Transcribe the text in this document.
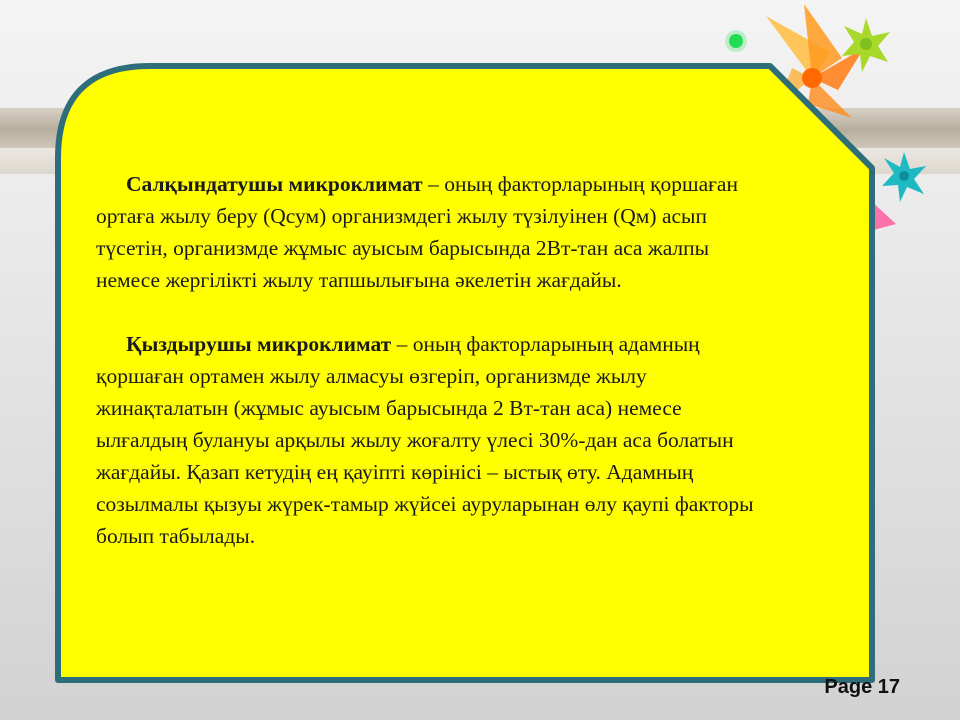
Салқындатушы микроклимат – оның факторларының қоршаған ортаға жылу беру (Qсум) организмдегі жылу түзілуінен (Qм) асып түсетін, организмде жұмыс ауысым барысында 2Вт-тан аса жалпы немесе жергілікті жылу тапшылығына әкелетін жағдайы.

Қыздырушы микроклимат – оның факторларының адамның қоршаған ортамен жылу алмасуы өзгеріп, организмде жылу жинақталатын (жұмыс ауысым барысында 2 Вт-тан аса) немесе ылғалдың булануы арқылы жылу жоғалту үлесі 30%-дан аса болатын жағдайы. Қазап кетудің ең қауіпті көрінісі – ыстық өту. Адамның созылмалы қызуы жүрек-тамыр жүйсеі ауруларынан өлу қаупі факторы болып табылады.

Page 17
